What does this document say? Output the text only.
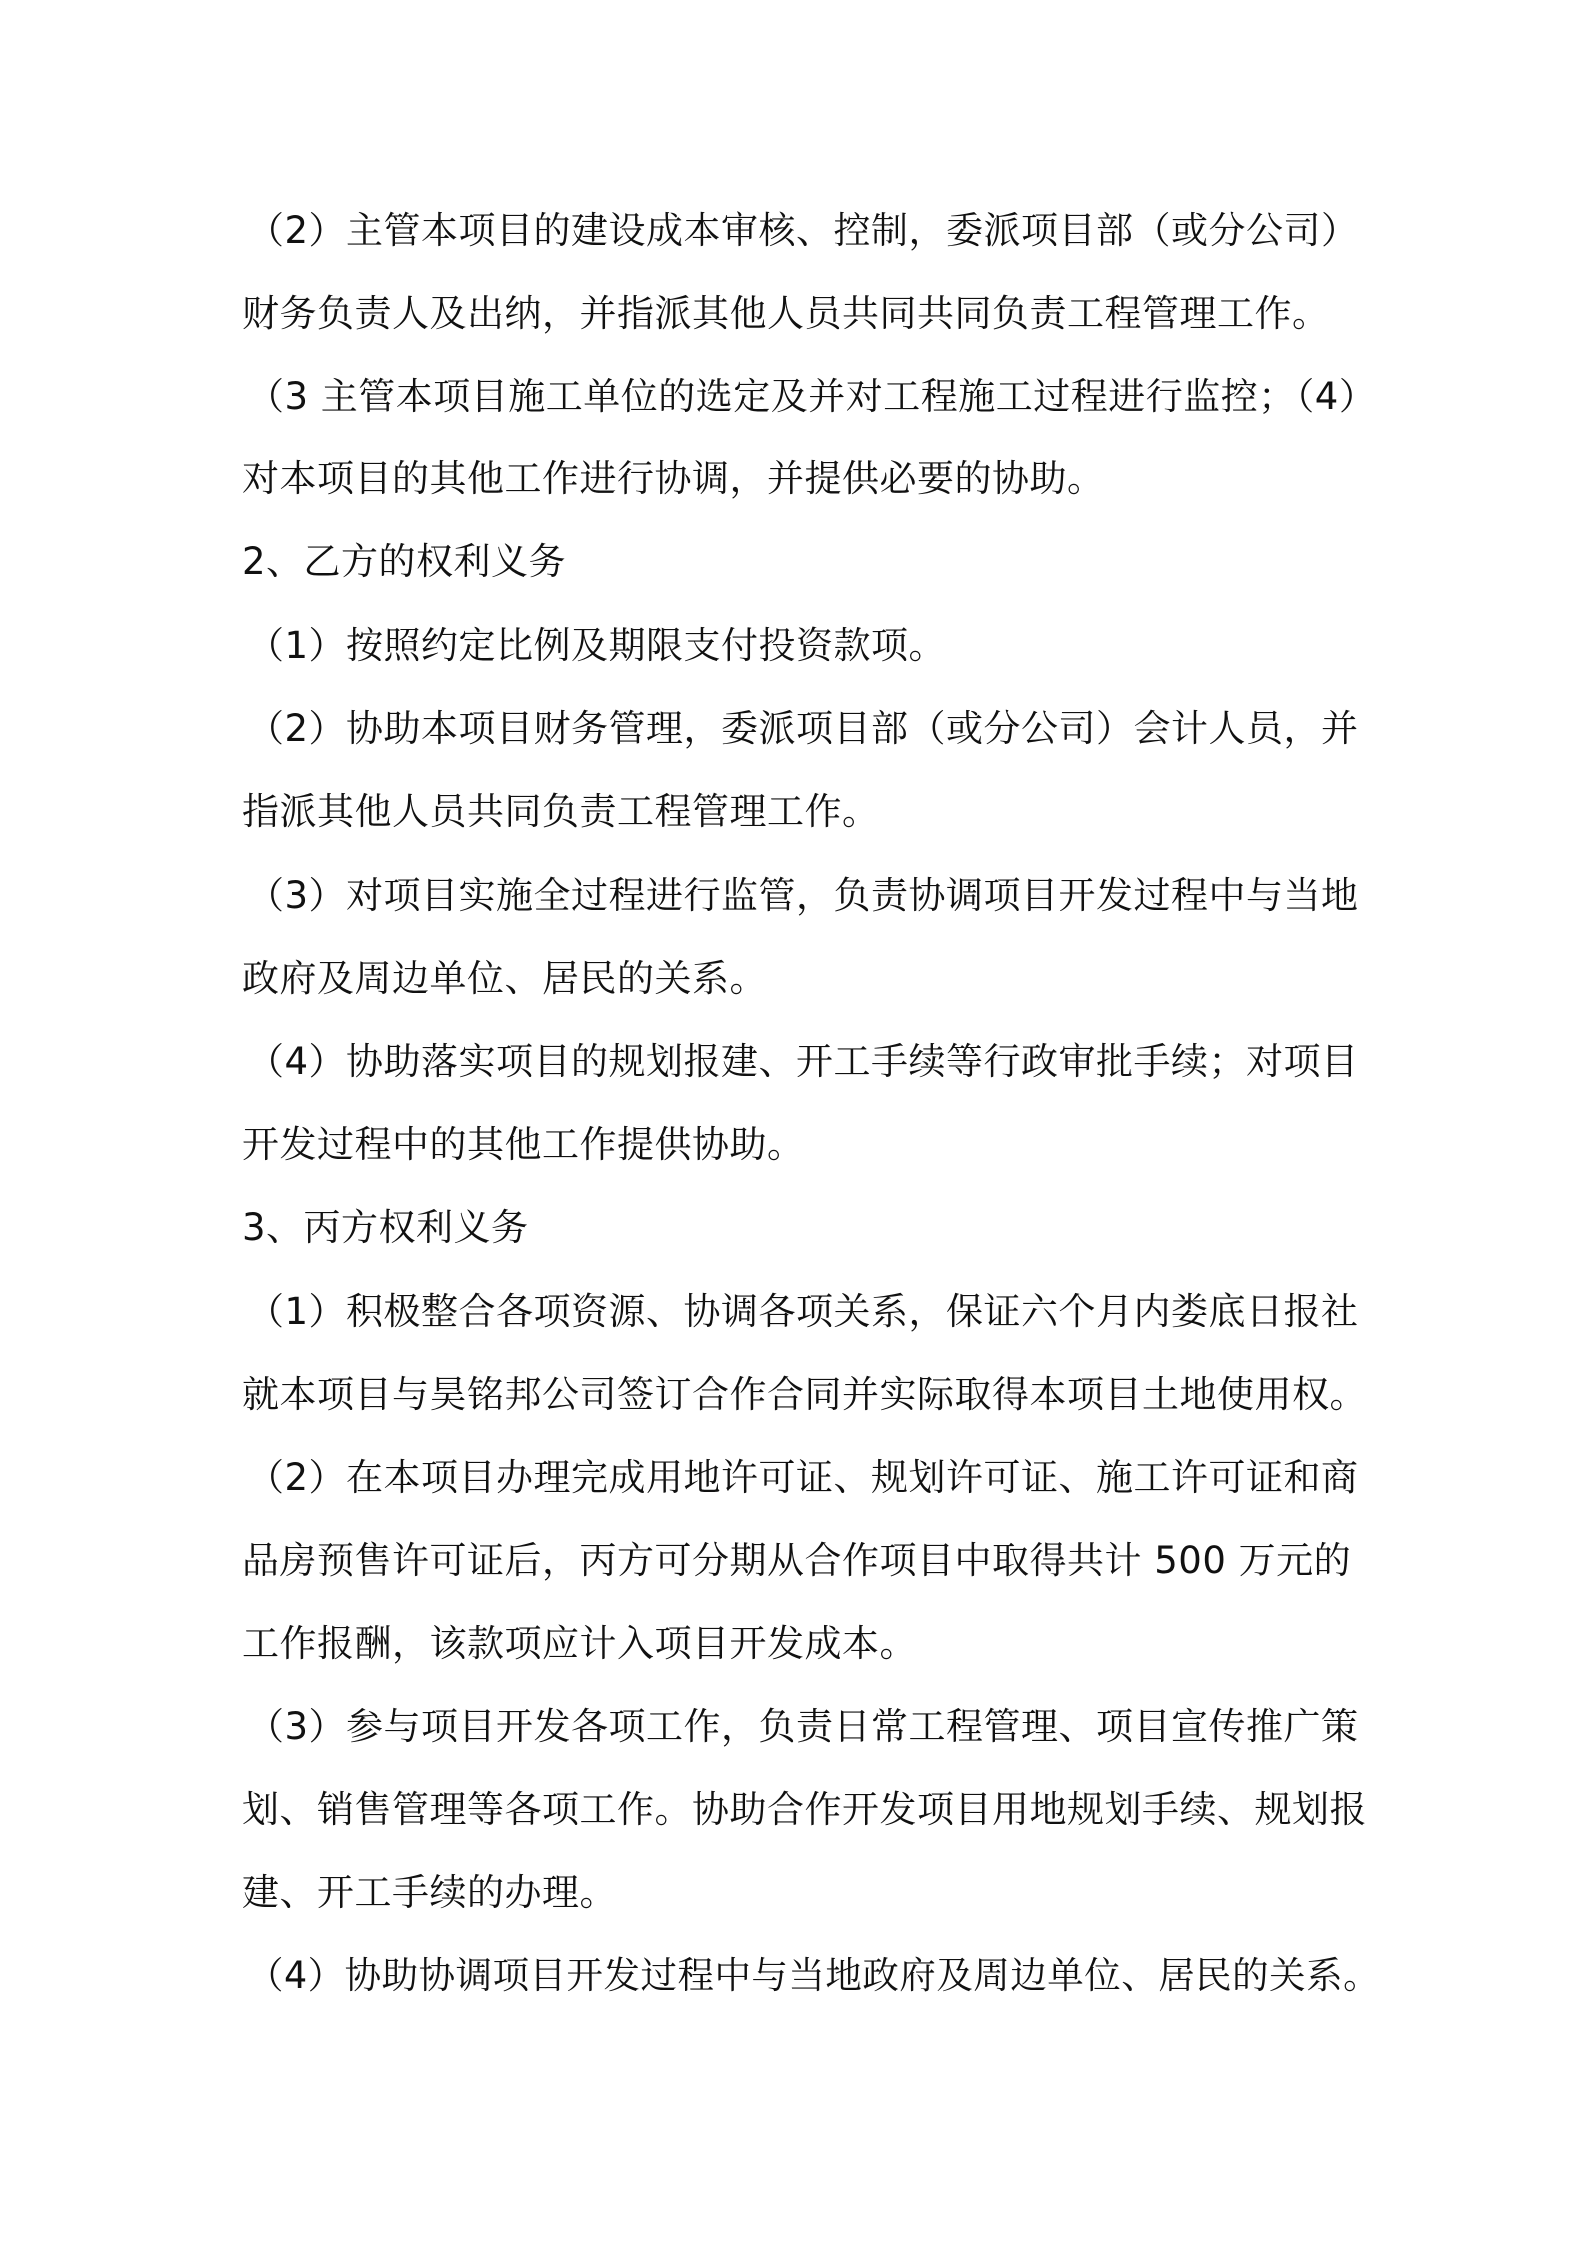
（2）主管本项目的建设成本审核、控制，委派项目部（或分公司）
财务负责人及出纳，并指派其他人员共同共同负责工程管理工作。
（3 主管本项目施工单位的选定及并对工程施工过程进行监控；（4）
对本项目的其他工作进行协调，并提供必要的协助。
2、乙方的权利义务
（1）按照约定比例及期限支付投资款项。
（2）协助本项目财务管理，委派项目部（或分公司）会计人员，并
指派其他人员共同负责工程管理工作。
（3）对项目实施全过程进行监管，负责协调项目开发过程中与当地
政府及周边单位、居民的关系。
（4）协助落实项目的规划报建、开工手续等行政审批手续；对项目
开发过程中的其他工作提供协助。
3、丙方权利义务
（1）积极整合各项资源、协调各项关系，保证六个月内娄底日报社
就本项目与昊铭邦公司签订合作合同并实际取得本项目土地使用权。
（2）在本项目办理完成用地许可证、规划许可证、施工许可证和商
品房预售许可证后，丙方可分期从合作项目中取得共计 500 万元的
工作报酬，该款项应计入项目开发成本。
（3）参与项目开发各项工作，负责日常工程管理、项目宣传推广策
划、销售管理等各项工作。协助合作开发项目用地规划手续、规划报
建、开工手续的办理。
（4）协助协调项目开发过程中与当地政府及周边单位、居民的关系。
